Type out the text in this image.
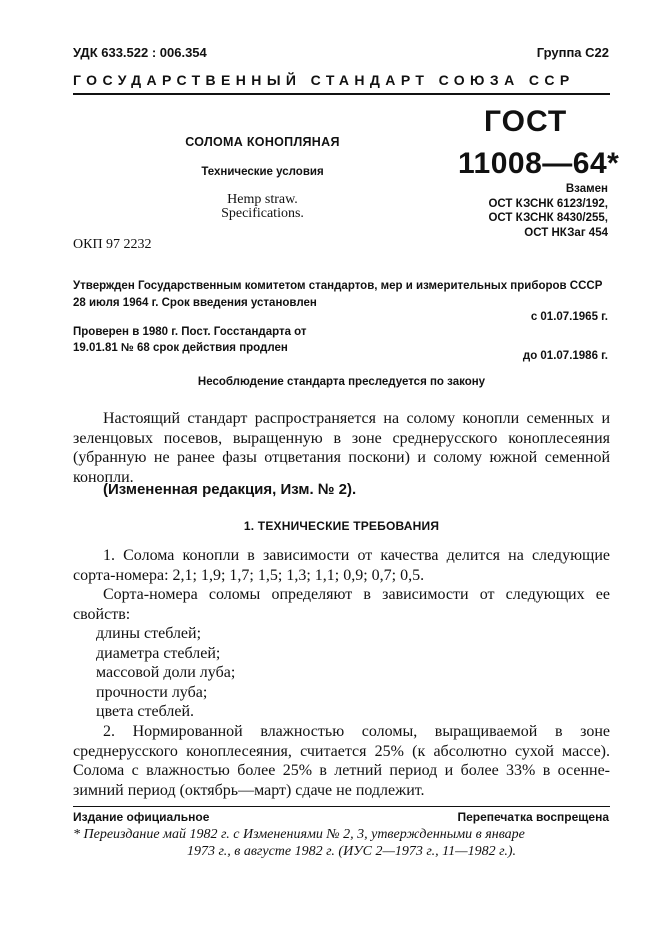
УДК 633.522 : 006.354	Группа С22
ГОСУДАРСТВЕННЫЙ СТАНДАРТ СОЮЗА ССР
СОЛОМА КОНОПЛЯНАЯ
Технические условия
Hemp straw.
Specifications.
ОКП 97 2232
ГОСТ
11008—64*
Взамен
ОСТ КЗСНК 6123/192,
ОСТ КЗСНК 8430/255,
ОСТ НКЗаг 454
Утвержден Государственным комитетом стандартов, мер и измерительных приборов СССР 28 июля 1964 г. Срок введения установлен
с 01.07.1965 г.
Проверен в 1980 г. Пост. Госстандарта от
19.01.81 № 68 срок действия продлен
до 01.07.1986 г.
Несоблюдение стандарта преследуется по закону

Настоящий стандарт распространяется на солому конопли семенных и зеленцовых посевов, выращенную в зоне среднерусского коноплесеяния (убранную не ранее фазы отцветания поскони) и солому южной семенной конопли.

(Измененная редакция, Изм. № 2).
1. ТЕХНИЧЕСКИЕ ТРЕБОВАНИЯ

1. Солома конопли в зависимости от качества делится на следующие сорта-номера: 2,1; 1,9; 1,7; 1,5; 1,3; 1,1; 0,9; 0,7; 0,5.

Сорта-номера соломы определяют в зависимости от следующих ее свойств:

длины стеблей;
диаметра стеблей;
массовой доли луба;
прочности луба;
цвета стеблей.

2. Нормированной влажностью соломы, выращиваемой в зоне среднерусского коноплесеяния, считается 25% (к абсолютно сухой массе). Солома с влажностью более 25% в летний период и более 33% в осенне-зимний период (октябрь—март) сдаче не подлежит.

Издание официальное	Перепечатка воспрещена
* Переиздание май 1982 г. с Изменениями № 2, 3, утвержденными в январе
1973 г., в августе 1982 г. (ИУС 2—1973 г., 11—1982 г.).
